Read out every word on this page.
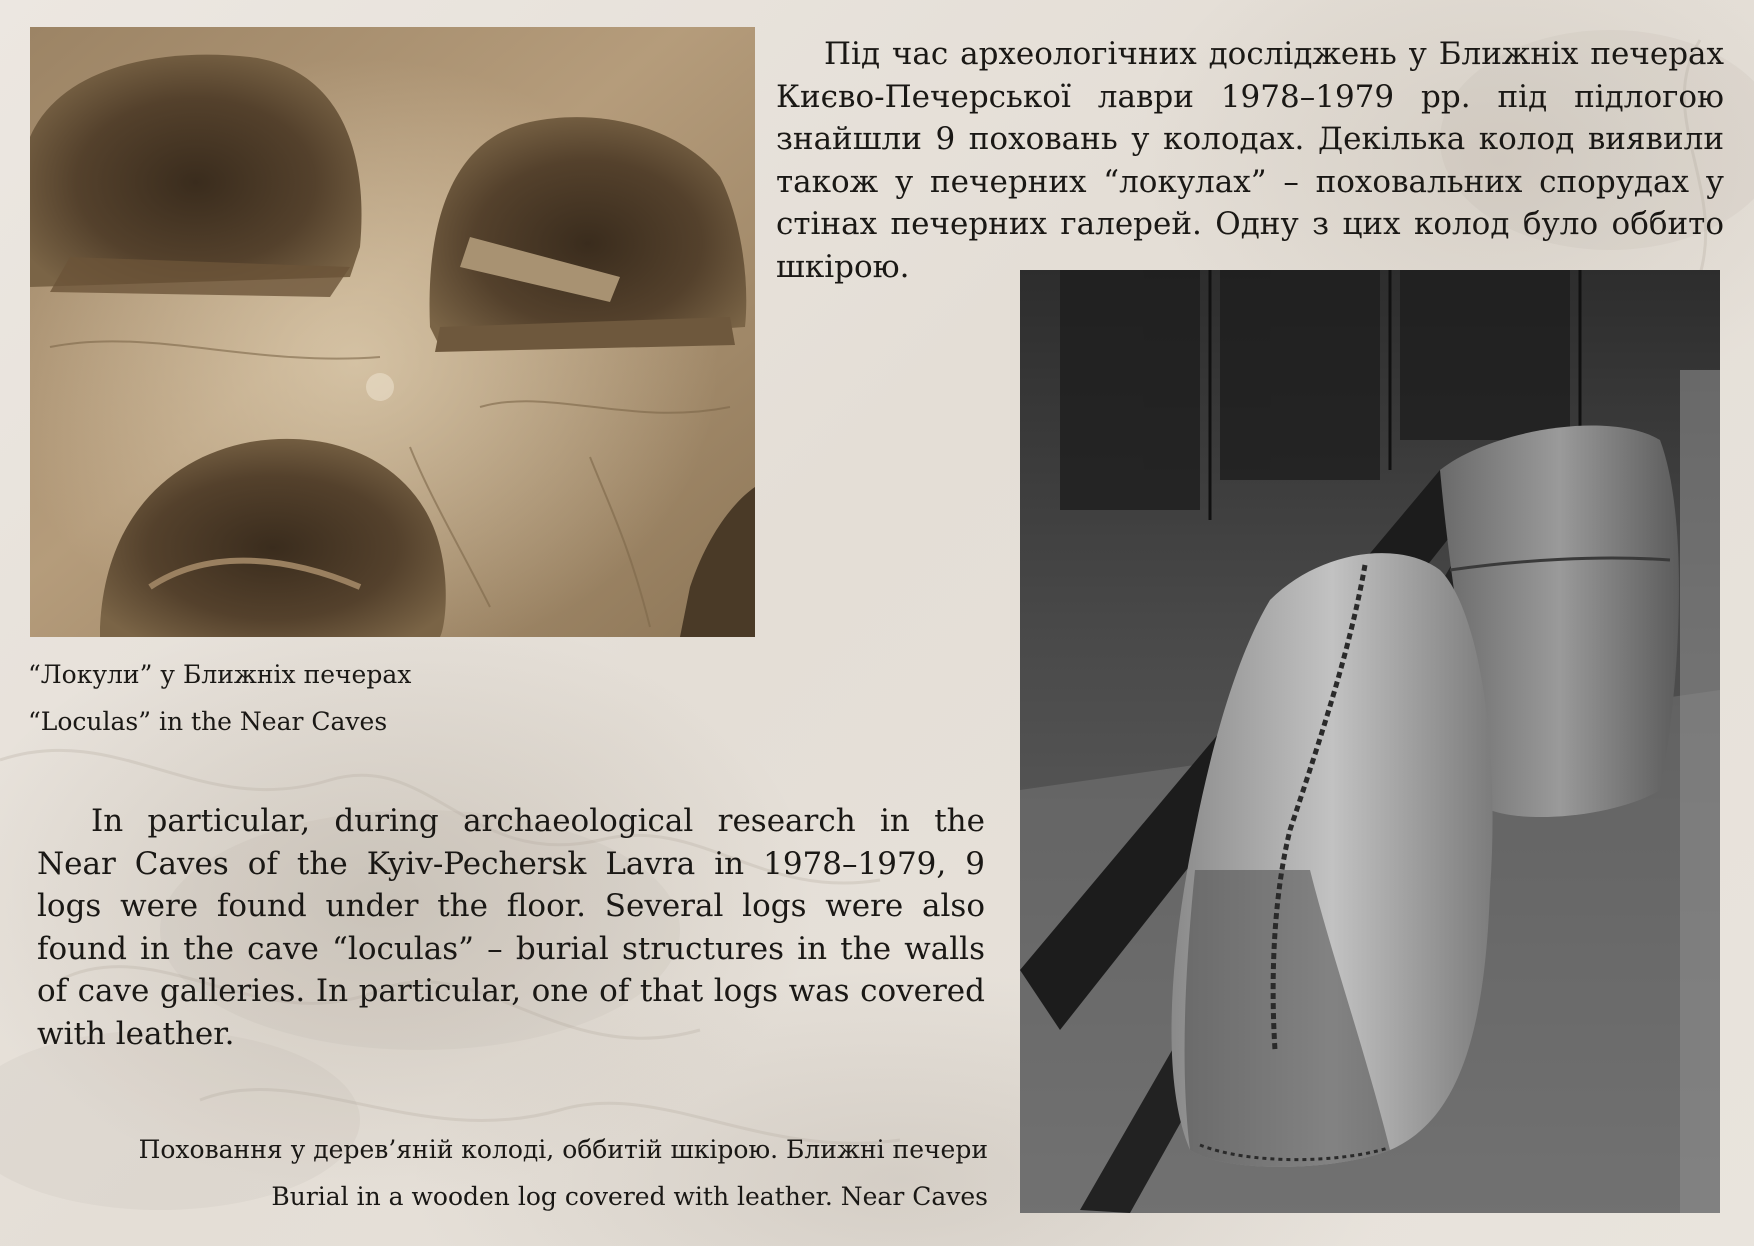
Під час археологічних досліджень у Ближніх печерах Києво-Печерської лаври 1978–1979 рр. під підлогою знайшли 9 поховань у колодах. Декілька колод виявили також у печерних “локулах” – поховальних спорудах у стінах печерних галерей. Одну з цих колод було оббито шкірою.

“Локули” у Ближніх печерах

“Loculas” in the Near Caves

In particular, during archaeological research in the Near Caves of the Kyiv-Pechersk Lavra in 1978–1979, 9 logs were found under the floor. Several logs were also found in the cave “loculas” – burial structures in the walls of cave galleries. In particular, one of that logs was covered with leather.

Поховання у дерев’яній колоді, оббитій шкірою. Ближні печери

Burial in a wooden log covered with leather. Near Caves
